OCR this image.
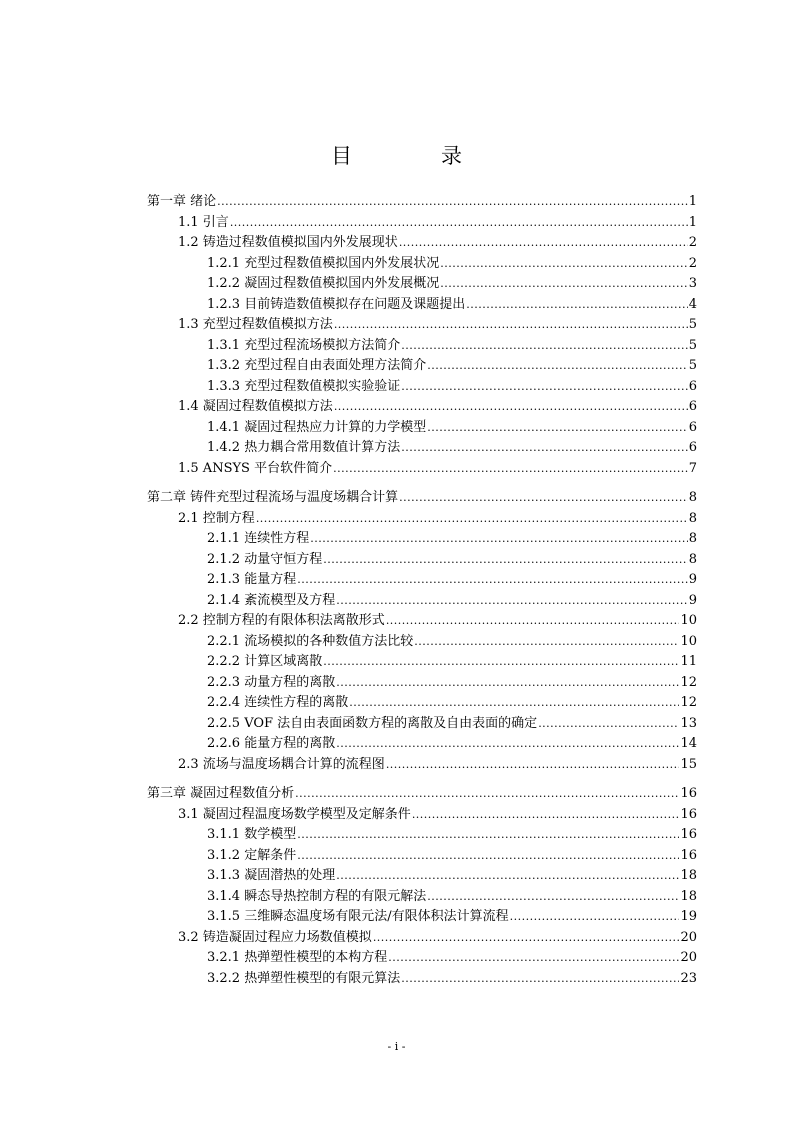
目　录
第一章 绪论 .....	1
1.1 引言 .....	1
1.2 铸造过程数值模拟国内外发展现状 .....	2
1.2.1 充型过程数值模拟国内外发展状况 .....	2
1.2.2 凝固过程数值模拟国内外发展概况 .....	3
1.2.3 目前铸造数值模拟存在问题及课题提出 .....	4
1.3 充型过程数值模拟方法 .....	5
1.3.1 充型过程流场模拟方法简介 .....	5
1.3.2 充型过程自由表面处理方法简介 .....	5
1.3.3 充型过程数值模拟实验验证 .....	6
1.4 凝固过程数值模拟方法 .....	6
1.4.1 凝固过程热应力计算的力学模型 .....	6
1.4.2 热力耦合常用数值计算方法 .....	6
1.5 ANSYS 平台软件简介 .....	7
第二章 铸件充型过程流场与温度场耦合计算 .....	8
2.1 控制方程 .....	8
2.1.1 连续性方程 .....	8
2.1.2 动量守恒方程 .....	8
2.1.3 能量方程 .....	9
2.1.4 紊流模型及方程 .....	9
2.2 控制方程的有限体积法离散形式 .....	10
2.2.1 流场模拟的各种数值方法比较 .....	10
2.2.2 计算区域离散 .....	11
2.2.3 动量方程的离散 .....	12
2.2.4 连续性方程的离散 .....	12
2.2.5 VOF 法自由表面函数方程的离散及自由表面的确定 .....	13
2.2.6 能量方程的离散 .....	14
2.3 流场与温度场耦合计算的流程图 .....	15
第三章 凝固过程数值分析 .....	16
3.1 凝固过程温度场数学模型及定解条件 .....	16
3.1.1 数学模型 .....	16
3.1.2 定解条件 .....	16
3.1.3 凝固潜热的处理 .....	18
3.1.4 瞬态导热控制方程的有限元解法 .....	18
3.1.5 三维瞬态温度场有限元法/有限体积法计算流程 .....	19
3.2 铸造凝固过程应力场数值模拟 .....	20
3.2.1 热弹塑性模型的本构方程 .....	20
3.2.2 热弹塑性模型的有限元算法 .....	23
- i -
